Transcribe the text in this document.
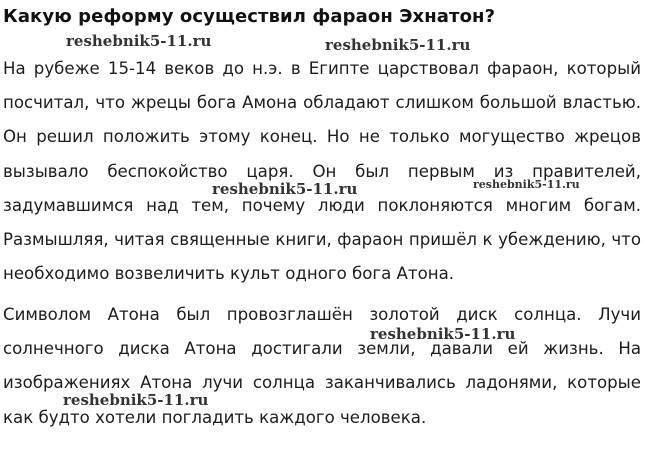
Какую реформу осуществил фараон Эхнатон?
На рубеже 15-14 веков до н.э. в Египте царствовал фараон, который посчитал, что жрецы бога Амона обладают слишком большой властью. Он решил положить этому конец. Но не только могущество жрецов вызывало беспокойство царя. Он был первым из правителей, задумавшимся над тем, почему люди поклоняются многим богам. Размышляя, читая священные книги, фараон пришёл к убеждению, что необходимо возвеличить культ одного бога Атона.
Символом Атона был провозглашён золотой диск солнца. Лучи солнечного диска Атона достигали земли, давали ей жизнь. На изображениях Атона лучи солнца заканчивались ладонями, которые как будто хотели погладить каждого человека.
reshebnik5-11.ru	reshebnik5-11.ru
reshebnik5-11.ru	reshebnik5-11.ru
reshebnik5-11.ru
reshebnik5-11.ru
